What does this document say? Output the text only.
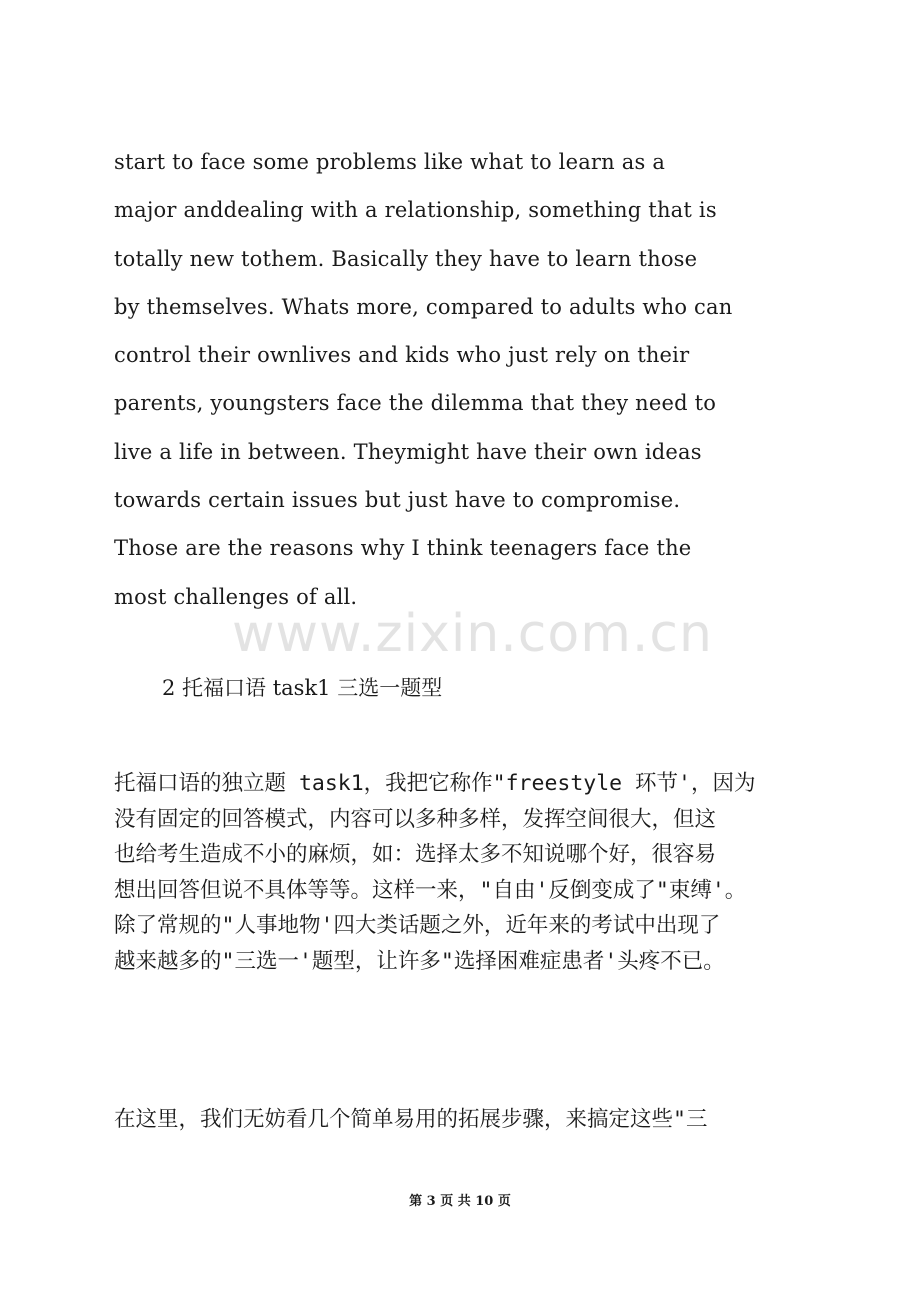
start to face some problems like what to learn as a
major anddealing with a relationship, something that is
totally new tothem. Basically they have to learn those
by themselves. Whats more, compared to adults who can
control their ownlives and kids who just rely on their
parents, youngsters face the dilemma that they need to
live a life in between. Theymight have their own ideas
towards certain issues but just have to compromise.
Those are the reasons why I think teenagers face the
most challenges of all.
www.zixin.com.cn
2 托福口语 task1 三选一题型
托福口语的独立题 task1，我把它称作"freestyle 环节'，因为
没有固定的回答模式，内容可以多种多样，发挥空间很大，但这
也给考生造成不小的麻烦，如：选择太多不知说哪个好，很容易
想出回答但说不具体等等。这样一来，"自由'反倒变成了"束缚'。
除了常规的"人事地物'四大类话题之外，近年来的考试中出现了
越来越多的"三选一'题型，让许多"选择困难症患者'头疼不已。
在这里，我们无妨看几个简单易用的拓展步骤，来搞定这些"三
第 3 页 共 10 页
